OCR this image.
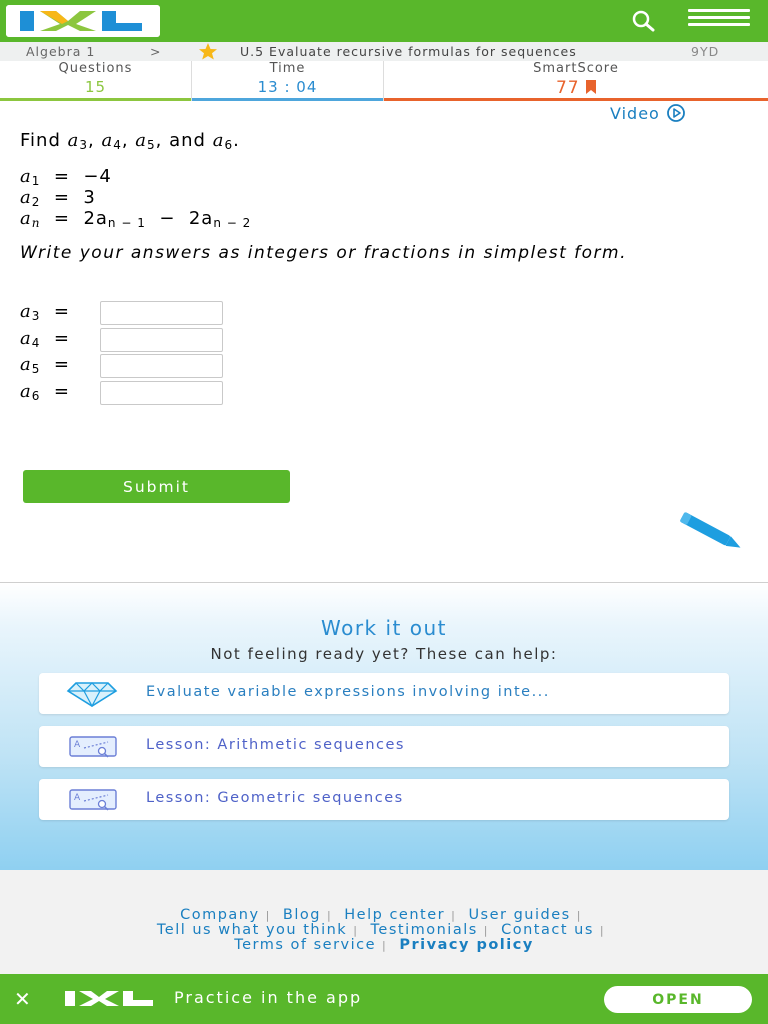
Algebra 1	>	U.5 Evaluate recursive formulas for sequences	9YD
Questions
15
Time
13 : 04
SmartScore
77
Video
Find $a_3$, $a_4$, $a_5$, and $a_6$.
$a_1 = -4$
$a_2 = 3$
$a_n = 2a_{n - 1} - 2a_{n - 2}$
Write your answers as integers or fractions in simplest form.
$a_3$  =
$a_4$  =
$a_5$  =
$a_6$  =
Submit
Work it out
Not feeling ready yet? These can help:
Evaluate variable expressions involving inte...
A	Lesson: Arithmetic sequences
A	Lesson: Geometric sequences
Company | Blog | Help center | User guides |
Tell us what you think | Testimonials | Contact us |
Terms of service | Privacy policy
✕	Practice in the app	OPEN
